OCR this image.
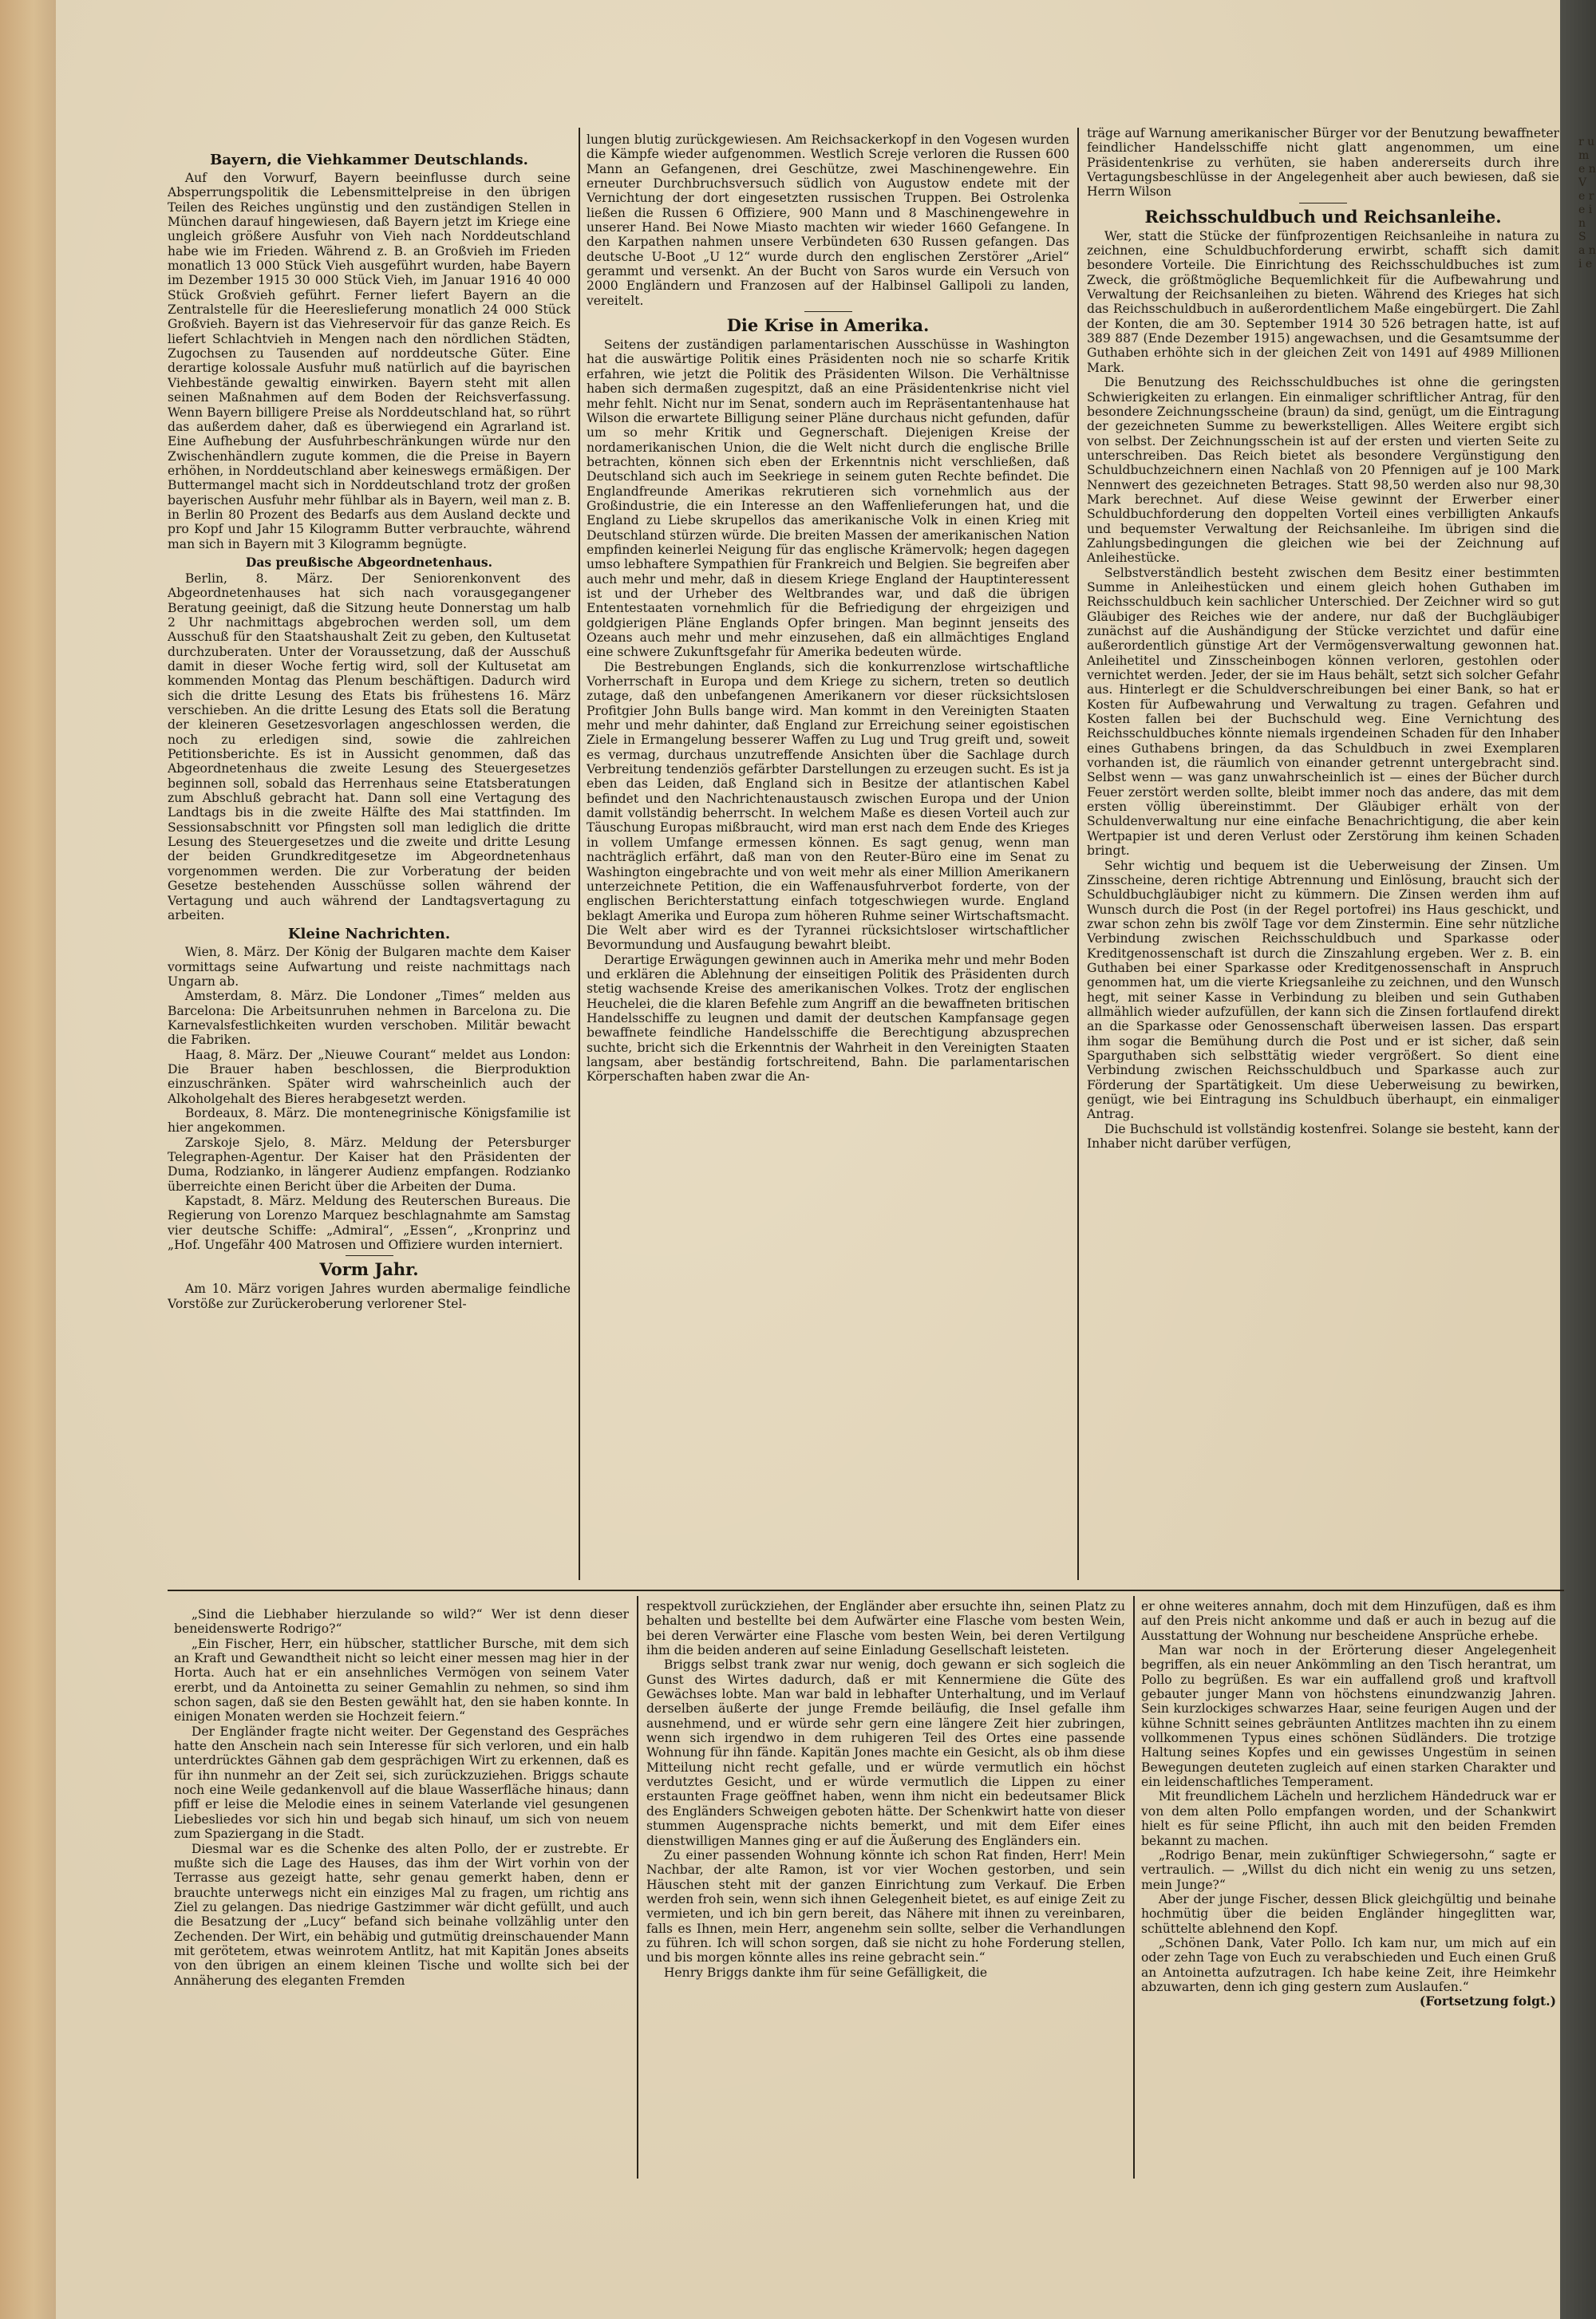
r u m e n V e r e i n S a n i e
Bayern, die Viehkammer Deutschlands.

Auf den Vorwurf, Bayern beeinflusse durch seine Absperrungspolitik die Lebensmittelpreise in den übrigen Teilen des Reiches ungünstig und den zuständigen Stellen in München darauf hingewiesen, daß Bayern jetzt im Kriege eine ungleich größere Ausfuhr von Vieh nach Norddeutschland habe wie im Frieden. Während z. B. an Großvieh im Frieden monatlich 13 000 Stück Vieh ausgeführt wurden, habe Bayern im Dezember 1915 30 000 Stück Vieh, im Januar 1916 40 000 Stück Großvieh geführt. Ferner liefert Bayern an die Zentralstelle für die Heereslieferung monatlich 24 000 Stück Großvieh. Bayern ist das Viehreservoir für das ganze Reich. Es liefert Schlachtvieh in Mengen nach den nördlichen Städten, Zugochsen zu Tausenden auf norddeutsche Güter. Eine derartige kolossale Ausfuhr muß natürlich auf die bayrischen Viehbestände gewaltig einwirken. Bayern steht mit allen seinen Maßnahmen auf dem Boden der Reichsverfassung. Wenn Bayern billigere Preise als Norddeutschland hat, so rührt das außerdem daher, daß es überwiegend ein Agrarland ist. Eine Aufhebung der Ausfuhrbeschränkungen würde nur den Zwischenhändlern zugute kommen, die die Preise in Bayern erhöhen, in Norddeutschland aber keineswegs ermäßigen. Der Buttermangel macht sich in Norddeutschland trotz der großen bayerischen Ausfuhr mehr fühlbar als in Bayern, weil man z. B. in Berlin 80 Prozent des Bedarfs aus dem Ausland deckte und pro Kopf und Jahr 15 Kilogramm Butter verbrauchte, während man sich in Bayern mit 3 Kilogramm begnügte.

Das preußische Abgeordnetenhaus.

Berlin, 8. März. Der Seniorenkonvent des Abgeordnetenhauses hat sich nach vorausgegangener Beratung geeinigt, daß die Sitzung heute Donnerstag um halb 2 Uhr nachmittags abgebrochen werden soll, um dem Ausschuß für den Staatshaushalt Zeit zu geben, den Kultusetat durchzuberaten. Unter der Voraussetzung, daß der Ausschuß damit in dieser Woche fertig wird, soll der Kultusetat am kommenden Montag das Plenum beschäftigen. Dadurch wird sich die dritte Lesung des Etats bis frühestens 16. März verschieben. An die dritte Lesung des Etats soll die Beratung der kleineren Gesetzesvorlagen angeschlossen werden, die noch zu erledigen sind, sowie die zahlreichen Petitionsberichte. Es ist in Aussicht genommen, daß das Abgeordnetenhaus die zweite Lesung des Steuergesetzes beginnen soll, sobald das Herrenhaus seine Etatsberatungen zum Abschluß gebracht hat. Dann soll eine Vertagung des Landtags bis in die zweite Hälfte des Mai stattfinden. Im Sessionsabschnitt vor Pfingsten soll man lediglich die dritte Lesung des Steuergesetzes und die zweite und dritte Lesung der beiden Grundkreditgesetze im Abgeordnetenhaus vorgenommen werden. Die zur Vorberatung der beiden Gesetze bestehenden Ausschüsse sollen während der Vertagung und auch während der Landtagsvertagung zu arbeiten.

Kleine Nachrichten.

Wien, 8. März. Der König der Bulgaren machte dem Kaiser vormittags seine Aufwartung und reiste nachmittags nach Ungarn ab.

Amsterdam, 8. März. Die Londoner „Times“ melden aus Barcelona: Die Arbeitsunruhen nehmen in Barcelona zu. Die Karnevalsfestlichkeiten wurden verschoben. Militär bewacht die Fabriken.

Haag, 8. März. Der „Nieuwe Courant“ meldet aus London: Die Brauer haben beschlossen, die Bierproduktion einzuschränken. Später wird wahrscheinlich auch der Alkoholgehalt des Bieres herabgesetzt werden.

Bordeaux, 8. März. Die montenegrinische Königsfamilie ist hier angekommen.

Zarskoje Sjelo, 8. März. Meldung der Petersburger Telegraphen-Agentur. Der Kaiser hat den Präsidenten der Duma, Rodzianko, in längerer Audienz empfangen. Rodzianko überreichte einen Bericht über die Arbeiten der Duma.

Kapstadt, 8. März. Meldung des Reuterschen Bureaus. Die Regierung von Lorenzo Marquez beschlagnahmte am Samstag vier deutsche Schiffe: „Admiral“, „Essen“, „Kronprinz und „Hof. Ungefähr 400 Matrosen und Offiziere wurden interniert.

Vorm Jahr.

Am 10. März vorigen Jahres wurden abermalige feindliche Vorstöße zur Zurückeroberung verlorener Stel-

lungen blutig zurückgewiesen. Am Reichsackerkopf in den Vogesen wurden die Kämpfe wieder aufgenommen. Westlich Screje verloren die Russen 600 Mann an Gefangenen, drei Geschütze, zwei Maschinengewehre. Ein erneuter Durchbruchsversuch südlich von Augustow endete mit der Vernichtung der dort eingesetzten russischen Truppen. Bei Ostrolenka ließen die Russen 6 Offiziere, 900 Mann und 8 Maschinengewehre in unserer Hand. Bei Nowe Miasto machten wir wieder 1660 Gefangene. In den Karpathen nahmen unsere Verbündeten 630 Russen gefangen. Das deutsche U-Boot „U 12“ wurde durch den englischen Zerstörer „Ariel“ gerammt und versenkt. An der Bucht von Saros wurde ein Versuch von 2000 Engländern und Franzosen auf der Halbinsel Gallipoli zu landen, vereitelt.

Die Krise in Amerika.

Seitens der zuständigen parlamentarischen Ausschüsse in Washington hat die auswärtige Politik eines Präsidenten noch nie so scharfe Kritik erfahren, wie jetzt die Politik des Präsidenten Wilson. Die Verhältnisse haben sich dermaßen zugespitzt, daß an eine Präsidentenkrise nicht viel mehr fehlt. Nicht nur im Senat, sondern auch im Repräsentantenhause hat Wilson die erwartete Billigung seiner Pläne durchaus nicht gefunden, dafür um so mehr Kritik und Gegnerschaft. Diejenigen Kreise der nordamerikanischen Union, die die Welt nicht durch die englische Brille betrachten, können sich eben der Erkenntnis nicht verschließen, daß Deutschland sich auch im Seekriege in seinem guten Rechte befindet. Die Englandfreunde Amerikas rekrutieren sich vornehmlich aus der Großindustrie, die ein Interesse an den Waffenlieferungen hat, und die England zu Liebe skrupellos das amerikanische Volk in einen Krieg mit Deutschland stürzen würde. Die breiten Massen der amerikanischen Nation empfinden keinerlei Neigung für das englische Krämervolk; hegen dagegen umso lebhaftere Sympathien für Frankreich und Belgien. Sie begreifen aber auch mehr und mehr, daß in diesem Kriege England der Hauptinteressent ist und der Urheber des Weltbrandes war, und daß die übrigen Ententestaaten vornehmlich für die Befriedigung der ehrgeizigen und goldgierigen Pläne Englands Opfer bringen. Man beginnt jenseits des Ozeans auch mehr und mehr einzusehen, daß ein allmächtiges England eine schwere Zukunftsgefahr für Amerika bedeuten würde.

Die Bestrebungen Englands, sich die konkurrenzlose wirtschaftliche Vorherrschaft in Europa und dem Kriege zu sichern, treten so deutlich zutage, daß den unbefangenen Amerikanern vor dieser rücksichtslosen Profitgier John Bulls bange wird. Man kommt in den Vereinigten Staaten mehr und mehr dahinter, daß England zur Erreichung seiner egoistischen Ziele in Ermangelung besserer Waffen zu Lug und Trug greift und, soweit es vermag, durchaus unzutreffende Ansichten über die Sachlage durch Verbreitung tendenziös gefärbter Darstellungen zu erzeugen sucht. Es ist ja eben das Leiden, daß England sich in Besitze der atlantischen Kabel befindet und den Nachrichtenaustausch zwischen Europa und der Union damit vollständig beherrscht. In welchem Maße es diesen Vorteil auch zur Täuschung Europas mißbraucht, wird man erst nach dem Ende des Krieges in vollem Umfange ermessen können. Es sagt genug, wenn man nachträglich erfährt, daß man von den Reuter-Büro eine im Senat zu Washington eingebrachte und von weit mehr als einer Million Amerikanern unterzeichnete Petition, die ein Waffenausfuhrverbot forderte, von der englischen Berichterstattung einfach totgeschwiegen wurde. England beklagt Amerika und Europa zum höheren Ruhme seiner Wirtschaftsmacht. Die Welt aber wird es der Tyrannei rücksichtsloser wirtschaftlicher Bevormundung und Ausfaugung bewahrt bleibt.

Derartige Erwägungen gewinnen auch in Amerika mehr und mehr Boden und erklären die Ablehnung der einseitigen Politik des Präsidenten durch stetig wachsende Kreise des amerikanischen Volkes. Trotz der englischen Heuchelei, die die klaren Befehle zum Angriff an die bewaffneten britischen Handelsschiffe zu leugnen und damit der deutschen Kampfansage gegen bewaffnete feindliche Handelsschiffe die Berechtigung abzusprechen suchte, bricht sich die Erkenntnis der Wahrheit in den Vereinigten Staaten langsam, aber beständig fortschreitend, Bahn. Die parlamentarischen Körperschaften haben zwar die An-

träge auf Warnung amerikanischer Bürger vor der Benutzung bewaffneter feindlicher Handelsschiffe nicht glatt angenommen, um eine Präsidentenkrise zu verhüten, sie haben andererseits durch ihre Vertagungsbeschlüsse in der Angelegenheit aber auch bewiesen, daß sie Herrn Wilson

Reichsschuldbuch und Reichsanleihe.

Wer, statt die Stücke der fünfprozentigen Reichsanleihe in natura zu zeichnen, eine Schuldbuchforderung erwirbt, schafft sich damit besondere Vorteile. Die Einrichtung des Reichsschuldbuches ist zum Zweck, die größtmögliche Bequemlichkeit für die Aufbewahrung und Verwaltung der Reichsanleihen zu bieten. Während des Krieges hat sich das Reichsschuldbuch in außerordentlichem Maße eingebürgert. Die Zahl der Konten, die am 30. September 1914 30 526 betragen hatte, ist auf 389 887 (Ende Dezember 1915) angewachsen, und die Gesamtsumme der Guthaben erhöhte sich in der gleichen Zeit von 1491 auf 4989 Millionen Mark.

Die Benutzung des Reichsschuldbuches ist ohne die geringsten Schwierigkeiten zu erlangen. Ein einmaliger schriftlicher Antrag, für den besondere Zeichnungsscheine (braun) da sind, genügt, um die Eintragung der gezeichneten Summe zu bewerkstelligen. Alles Weitere ergibt sich von selbst. Der Zeichnungsschein ist auf der ersten und vierten Seite zu unterschreiben. Das Reich bietet als besondere Vergünstigung den Schuldbuchzeichnern einen Nachlaß von 20 Pfennigen auf je 100 Mark Nennwert des gezeichneten Betrages. Statt 98,50 werden also nur 98,30 Mark berechnet. Auf diese Weise gewinnt der Erwerber einer Schuldbuchforderung den doppelten Vorteil eines verbilligten Ankaufs und bequemster Verwaltung der Reichsanleihe. Im übrigen sind die Zahlungsbedingungen die gleichen wie bei der Zeichnung auf Anleihestücke.

Selbstverständlich besteht zwischen dem Besitz einer bestimmten Summe in Anleihestücken und einem gleich hohen Guthaben im Reichsschuldbuch kein sachlicher Unterschied. Der Zeichner wird so gut Gläubiger des Reiches wie der andere, nur daß der Buchgläubiger zunächst auf die Aushändigung der Stücke verzichtet und dafür eine außerordentlich günstige Art der Vermögensverwaltung gewonnen hat. Anleihetitel und Zinsscheinbogen können verloren, gestohlen oder vernichtet werden. Jeder, der sie im Haus behält, setzt sich solcher Gefahr aus. Hinterlegt er die Schuldverschreibungen bei einer Bank, so hat er Kosten für Aufbewahrung und Verwaltung zu tragen. Gefahren und Kosten fallen bei der Buchschuld weg. Eine Vernichtung des Reichsschuldbuches könnte niemals irgendeinen Schaden für den Inhaber eines Guthabens bringen, da das Schuldbuch in zwei Exemplaren vorhanden ist, die räumlich von einander getrennt untergebracht sind. Selbst wenn — was ganz unwahrscheinlich ist — eines der Bücher durch Feuer zerstört werden sollte, bleibt immer noch das andere, das mit dem ersten völlig übereinstimmt. Der Gläubiger erhält von der Schuldenverwaltung nur eine einfache Benachrichtigung, die aber kein Wertpapier ist und deren Verlust oder Zerstörung ihm keinen Schaden bringt.

Sehr wichtig und bequem ist die Ueberweisung der Zinsen. Um Zinsscheine, deren richtige Abtrennung und Einlösung, braucht sich der Schuldbuchgläubiger nicht zu kümmern. Die Zinsen werden ihm auf Wunsch durch die Post (in der Regel portofrei) ins Haus geschickt, und zwar schon zehn bis zwölf Tage vor dem Zinstermin. Eine sehr nützliche Verbindung zwischen Reichsschuldbuch und Sparkasse oder Kreditgenossenschaft ist durch die Zinszahlung ergeben. Wer z. B. ein Guthaben bei einer Sparkasse oder Kreditgenossenschaft in Anspruch genommen hat, um die vierte Kriegsanleihe zu zeichnen, und den Wunsch hegt, mit seiner Kasse in Verbindung zu bleiben und sein Guthaben allmählich wieder aufzufüllen, der kann sich die Zinsen fortlaufend direkt an die Sparkasse oder Genossenschaft überweisen lassen. Das erspart ihm sogar die Bemühung durch die Post und er ist sicher, daß sein Sparguthaben sich selbsttätig wieder vergrößert. So dient eine Verbindung zwischen Reichsschuldbuch und Sparkasse auch zur Förderung der Spartätigkeit. Um diese Ueberweisung zu bewirken, genügt, wie bei Eintragung ins Schuldbuch überhaupt, ein einmaliger Antrag.

Die Buchschuld ist vollständig kostenfrei. Solange sie besteht, kann der Inhaber nicht darüber verfügen,

„Sind die Liebhaber hierzulande so wild?“ Wer ist denn dieser beneidenswerte Rodrigo?“

„Ein Fischer, Herr, ein hübscher, stattlicher Bursche, mit dem sich an Kraft und Gewandtheit nicht so leicht einer messen mag hier in der Horta. Auch hat er ein ansehnliches Vermögen von seinem Vater ererbt, und da Antoinetta zu seiner Gemahlin zu nehmen, so sind ihm schon sagen, daß sie den Besten gewählt hat, den sie haben konnte. In einigen Monaten werden sie Hochzeit feiern.“

Der Engländer fragte nicht weiter. Der Gegenstand des Gespräches hatte den Anschein nach sein Interesse für sich verloren, und ein halb unterdrücktes Gähnen gab dem gesprächigen Wirt zu erkennen, daß es für ihn nunmehr an der Zeit sei, sich zurückzuziehen. Briggs schaute noch eine Weile gedankenvoll auf die blaue Wasserfläche hinaus; dann pfiff er leise die Melodie eines in seinem Vaterlande viel gesungenen Liebesliedes vor sich hin und begab sich hinauf, um sich von neuem zum Spaziergang in die Stadt.

Diesmal war es die Schenke des alten Pollo, der er zustrebte. Er mußte sich die Lage des Hauses, das ihm der Wirt vorhin von der Terrasse aus gezeigt hatte, sehr genau gemerkt haben, denn er brauchte unterwegs nicht ein einziges Mal zu fragen, um richtig ans Ziel zu gelangen. Das niedrige Gastzimmer wär dicht gefüllt, und auch die Besatzung der „Lucy“ befand sich beinahe vollzählig unter den Zechenden. Der Wirt, ein behäbig und gutmütig dreinschauender Mann mit gerötetem, etwas weinrotem Antlitz, hat mit Kapitän Jones abseits von den übrigen an einem kleinen Tische und wollte sich bei der Annäherung des eleganten Fremden

respektvoll zurückziehen, der Engländer aber ersuchte ihn, seinen Platz zu behalten und bestellte bei dem Aufwärter eine Flasche vom besten Wein, bei deren Verwärter eine Flasche vom besten Wein, bei deren Vertilgung ihm die beiden anderen auf seine Einladung Gesellschaft leisteten.

Briggs selbst trank zwar nur wenig, doch gewann er sich sogleich die Gunst des Wirtes dadurch, daß er mit Kennermiene die Güte des Gewächses lobte. Man war bald in lebhafter Unterhaltung, und im Verlauf derselben äußerte der junge Fremde beiläufig, die Insel gefalle ihm ausnehmend, und er würde sehr gern eine längere Zeit hier zubringen, wenn sich irgendwo in dem ruhigeren Teil des Ortes eine passende Wohnung für ihn fände. Kapitän Jones machte ein Gesicht, als ob ihm diese Mitteilung nicht recht gefalle, und er würde vermutlich ein höchst verdutztes Gesicht, und er würde vermutlich die Lippen zu einer erstaunten Frage geöffnet haben, wenn ihm nicht ein bedeutsamer Blick des Engländers Schweigen geboten hätte. Der Schenkwirt hatte von dieser stummen Augensprache nichts bemerkt, und mit dem Eifer eines dienstwilligen Mannes ging er auf die Äußerung des Engländers ein.

Zu einer passenden Wohnung könnte ich schon Rat finden, Herr! Mein Nachbar, der alte Ramon, ist vor vier Wochen gestorben, und sein Häuschen steht mit der ganzen Einrichtung zum Verkauf. Die Erben werden froh sein, wenn sich ihnen Gelegenheit bietet, es auf einige Zeit zu vermieten, und ich bin gern bereit, das Nähere mit ihnen zu vereinbaren, falls es Ihnen, mein Herr, angenehm sein sollte, selber die Verhandlungen zu führen. Ich will schon sorgen, daß sie nicht zu hohe Forderung stellen, und bis morgen könnte alles ins reine gebracht sein.“

Henry Briggs dankte ihm für seine Gefälligkeit, die

er ohne weiteres annahm, doch mit dem Hinzufügen, daß es ihm auf den Preis nicht ankomme und daß er auch in bezug auf die Ausstattung der Wohnung nur bescheidene Ansprüche erhebe.

Man war noch in der Erörterung dieser Angelegenheit begriffen, als ein neuer Ankömmling an den Tisch herantrat, um Pollo zu begrüßen. Es war ein auffallend groß und kraftvoll gebauter junger Mann von höchstens einundzwanzig Jahren. Sein kurzlockiges schwarzes Haar, seine feurigen Augen und der kühne Schnitt seines gebräunten Antlitzes machten ihn zu einem vollkommenen Typus eines schönen Südländers. Die trotzige Haltung seines Kopfes und ein gewisses Ungestüm in seinen Bewegungen deuteten zugleich auf einen starken Charakter und ein leidenschaftliches Temperament.

Mit freundlichem Lächeln und herzlichem Händedruck war er von dem alten Pollo empfangen worden, und der Schankwirt hielt es für seine Pflicht, ihn auch mit den beiden Fremden bekannt zu machen.

„Rodrigo Benar, mein zukünftiger Schwiegersohn,“ sagte er vertraulich. — „Willst du dich nicht ein wenig zu uns setzen, mein Junge?“

Aber der junge Fischer, dessen Blick gleichgültig und beinahe hochmütig über die beiden Engländer hingeglitten war, schüttelte ablehnend den Kopf.

„Schönen Dank, Vater Pollo. Ich kam nur, um mich auf ein oder zehn Tage von Euch zu verabschieden und Euch einen Gruß an Antoinetta aufzutragen. Ich habe keine Zeit, ihre Heimkehr abzuwarten, denn ich ging gestern zum Auslaufen.“

(Fortsetzung folgt.)
